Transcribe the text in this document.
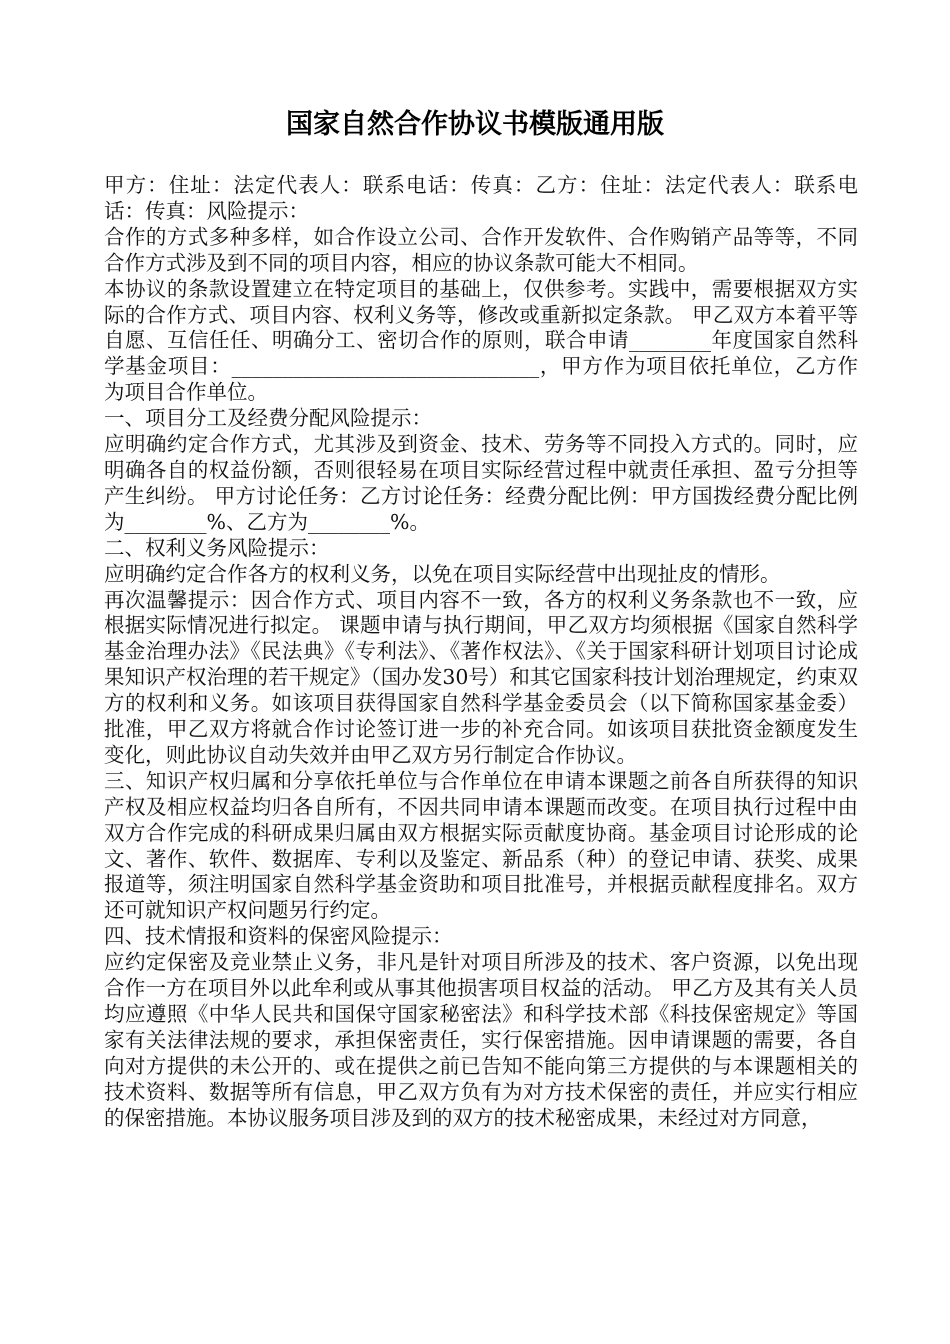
国家自然合作协议书模版通用版

甲方：住址：法定代表人：联系电话：传真：乙方：住址：法定代表人：联系电话：传真：风险提示：

合作的方式多种多样，如合作设立公司、合作开发软件、合作购销产品等等，不同合作方式涉及到不同的项目内容，相应的协议条款可能大不相同。

本协议的条款设置建立在特定项目的基础上，仅供参考。实践中，需要根据双方实际的合作方式、项目内容、权利义务等，修改或重新拟定条款。 甲乙双方本着平等自愿、互信任任、明确分工、密切合作的原则，联合申请________年度国家自然科学基金项目：______________________________，甲方作为项目依托单位，乙方作为项目合作单位。

一、项目分工及经费分配风险提示：

应明确约定合作方式，尤其涉及到资金、技术、劳务等不同投入方式的。同时，应明确各自的权益份额，否则很轻易在项目实际经营过程中就责任承担、盈亏分担等产生纠纷。 甲方讨论任务：乙方讨论任务：经费分配比例：甲方国拨经费分配比例为________%、乙方为________%。

二、权利义务风险提示：

应明确约定合作各方的权利义务，以免在项目实际经营中出现扯皮的情形。

再次温馨提示：因合作方式、项目内容不一致，各方的权利义务条款也不一致，应根据实际情况进行拟定。 课题申请与执行期间，甲乙双方均须根据《国家自然科学基金治理办法》《民法典》《专利法》、《著作权法》、《关于国家科研计划项目讨论成果知识产权治理的若干规定》（国办发30号）和其它国家科技计划治理规定，约束双方的权利和义务。如该项目获得国家自然科学基金委员会（以下简称国家基金委）批准，甲乙双方将就合作讨论签订进一步的补充合同。如该项目获批资金额度发生变化，则此协议自动失效并由甲乙双方另行制定合作协议。

三、知识产权归属和分享依托单位与合作单位在申请本课题之前各自所获得的知识产权及相应权益均归各自所有，不因共同申请本课题而改变。在项目执行过程中由双方合作完成的科研成果归属由双方根据实际贡献度协商。基金项目讨论形成的论文、著作、软件、数据库、专利以及鉴定、新品系（种）的登记申请、获奖、成果报道等，须注明国家自然科学基金资助和项目批准号，并根据贡献程度排名。双方还可就知识产权问题另行约定。

四、技术情报和资料的保密风险提示：

应约定保密及竞业禁止义务，非凡是针对项目所涉及的技术、客户资源，以免出现合作一方在项目外以此牟利或从事其他损害项目权益的活动。 甲乙方及其有关人员均应遵照《中华人民共和国保守国家秘密法》和科学技术部《科技保密规定》等国家有关法律法规的要求，承担保密责任，实行保密措施。因申请课题的需要，各自向对方提供的未公开的、或在提供之前已告知不能向第三方提供的与本课题相关的技术资料、数据等所有信息，甲乙双方负有为对方技术保密的责任，并应实行相应的保密措施。本协议服务项目涉及到的双方的技术秘密成果，未经过对方同意，
